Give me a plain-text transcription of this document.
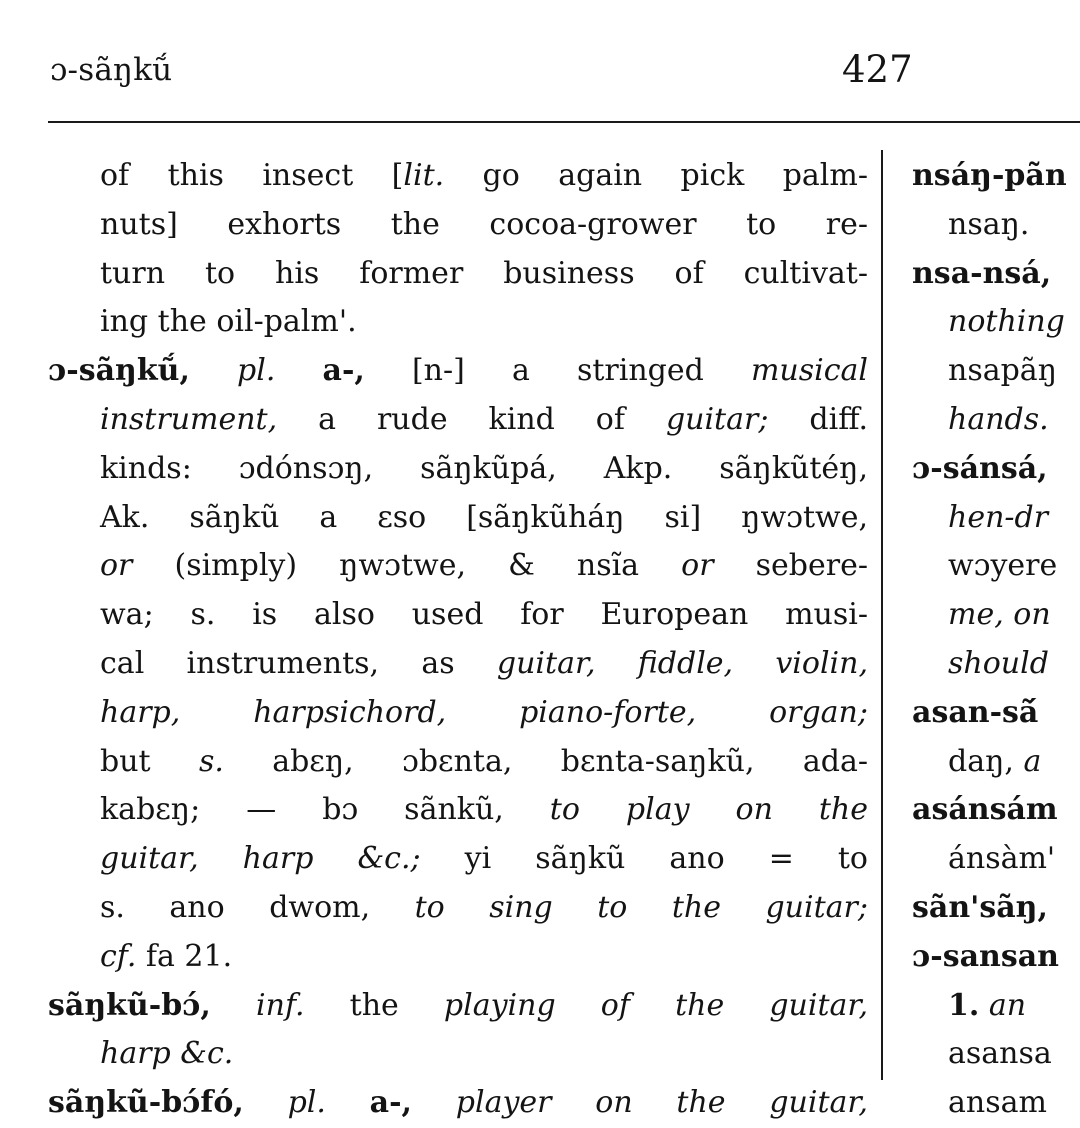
ɔ-sãŋkṹ	427
of this insect [lit. go again pick palm-
nuts] exhorts the cocoa-grower to re-
turn to his former business of cultivat-
ing the oil-palm'.
ɔ-sãŋkṹ, pl. a-, [n-] a stringed musical
instrument, a rude kind of guitar; diff.
kinds: ɔdónsɔŋ, sãŋkũpá, Akp. sãŋkũtéŋ,
Ak. sãŋkũ a ɛso [sãŋkũháŋ si] ŋwɔtwe,
or (simply) ŋwɔtwe, & nsĩa or sebere-
wa; s. is also used for European musi-
cal instruments, as guitar, fiddle, violin,
harp, harpsichord, piano-forte, organ;
but s. abɛŋ, ɔbɛnta, bɛnta-saŋkũ, ada-
kabɛŋ; — bɔ sãnkũ, to play on the
guitar, harp &c.; yi sãŋkũ ano = to
s. ano dwom, to sing to the guitar;
cf. fa 21.
sãŋkũ-bɔ́, inf. the playing of the guitar,
harp &c.
sãŋkũ-bɔ́fó, pl. a-, player on the guitar,
nsáŋ-pãn
nsaŋ.
nsa-nsá,
nothing
nsapãŋ
hands.
ɔ-sánsá,
hen-dr
wɔyere
me, on
should
asan-sã́
daŋ, a
asánsám
ánsàm'
sãn'sãŋ,
ɔ-sansan
1. an
asansa
ansam
